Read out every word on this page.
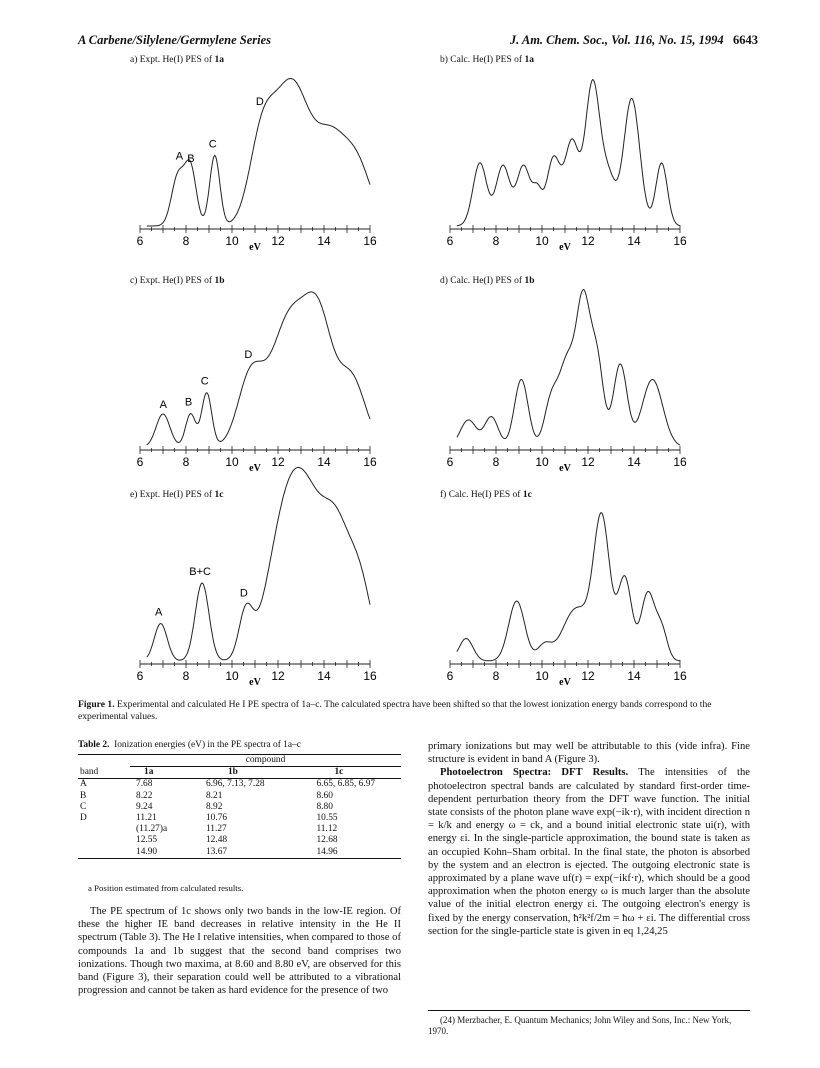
A Carbene/Silylene/Germylene Series	J. Am. Chem. Soc., Vol. 116, No. 15, 1994 6643
a) Expt. He(I) PES of 1a
6	8	10	12	14	16
eV
A B
C
D
b) Calc. He(I) PES of 1a
6	8	10	12	14	16
eV
c) Expt. He(I) PES of 1b
6	8	10	12	14	16
eV
A B
C
D
d) Calc. He(I) PES of 1b
6	8	10	12	14	16
eV
e) Expt. He(I) PES of 1c
6	8	10	12	14	16
eV
A
B+C
D
f) Calc. He(I) PES of 1c
6	8	10	12	14	16
eV
Figure 1. Experimental and calculated He I PE spectra of 1a–c. The calculated spectra have been shifted so that the lowest ionization energy bands correspond to the experimental values.
Table 2. Ionization energies (eV) in the PE spectra of 1a–c
	compound		
band	1a	1b	1c
A	7.68	6.96, 7.13, 7.28	6.65, 6.85, 6.97
B	8.22	8.21	8.60
C	9.24	8.92	8.80
D	11.21	10.76	10.55
	(11.27)a	11.27	11.12
	12.55	12.48	12.68
	14.90	13.67	14.96
a Position estimated from calculated results.
The PE spectrum of 1c shows only two bands in the low-IE region. Of these the higher IE band decreases in relative intensity in the He II spectrum (Table 3). The He I relative intensities, when compared to those of compounds 1a and 1b suggest that the second band comprises two ionizations. Though two maxima, at 8.60 and 8.80 eV, are observed for this band (Figure 3), their separation could well be attributed to a vibrational progression and cannot be taken as hard evidence for the presence of two

primary ionizations but may well be attributable to this (vide infra). Fine structure is evident in band A (Figure 3).

Photoelectron Spectra: DFT Results. The intensities of the photoelectron spectral bands are calculated by standard first-order time-dependent perturbation theory from the DFT wave function. The initial state consists of the photon plane wave exp(−ik·r), with incident direction n = k/k and energy ω = ck, and a bound initial electronic state ui(r), with energy εi. In the single-particle approximation, the bound state is taken as an occupied Kohn–Sham orbital. In the final state, the photon is absorbed by the system and an electron is ejected. The outgoing electronic state is approximated by a plane wave uf(r) = exp(−ikf·r), which should be a good approximation when the photon energy ω is much larger than the absolute value of the initial electron energy εi. The outgoing electron's energy is fixed by the energy conservation, ħ²k²f/2m = ħω + εi. The differential cross section for the single-particle state is given in eq 1,24,25

(24) Merzbacher, E. Quantum Mechanics; John Wiley and Sons, Inc.: New York, 1970.
